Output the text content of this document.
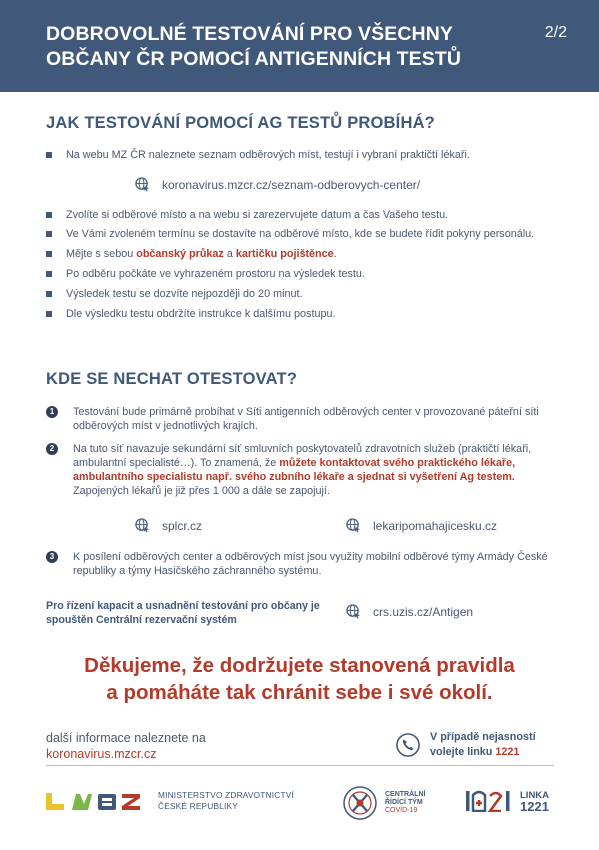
DOBROVOLNÉ TESTOVÁNÍ PRO VŠECHNY OBČANY ČR POMOCÍ ANTIGENNÍCH TESTŮ
2/2
JAK TESTOVÁNÍ POMOCÍ AG TESTŮ PROBÍHÁ?
Na webu MZ ČR naleznete seznam odběrových míst, testují i vybraní praktičtí lékaři.
koronavirus.mzcr.cz/seznam-odberovych-center/
Zvolíte si odběrové místo a na webu si zarezervujete datum a čas Vašeho testu.
Ve Vámi zvoleném termínu se dostavíte na odběrové místo, kde se budete řídit pokyny personálu.
Mějte s sebou občanský průkaz a kartičku pojištěnce.
Po odběru počkáte ve vyhrazeném prostoru na výsledek testu.
Výsledek testu se dozvíte nejpozději do 20 minut.
Dle výsledku testu obdržíte instrukce k dalšímu postupu.
KDE SE NECHAT OTESTOVAT?
1	Testování bude primárně probíhat v Síti antigenních odběrových center v provozované páteřní síti odběrových míst v jednotlivých krajích.
2	Na tuto síť navazuje sekundární síť smluvních poskytovatelů zdravotních služeb (praktičtí lékaři, ambulantní specialisté…). To znamená, že můžete kontaktovat svého praktického lékaře, ambulantního specialistu např. svého zubního lékaře a sjednat si vyšetření Ag testem. Zapojených lékařů je již přes 1 000 a dále se zapojují.
splcr.cz	lekaripomahajicesku.cz
3	K posílení odběrových center a odběrových míst jsou využity mobilní odběrové týmy Armády České republiky a týmy Hasičského záchranného systému.
Pro řízení kapacit a usnadnění testování pro občany je spouštěn Centrální rezervační systém
crs.uzis.cz/Antigen
Děkujeme, že dodržujete stanovená pravidla
a pomáháte tak chránit sebe i své okolí.
další informace naleznete na
koronavirus.mzcr.cz
V případě nejasností
volejte linku 1221
MINISTERSTVO ZDRAVOTNICTVÍ
ČESKÉ REPUBLIKY
CENTRÁLNÍ
ŘÍDÍCÍ TÝM
COVID-19
LINKA
1221
